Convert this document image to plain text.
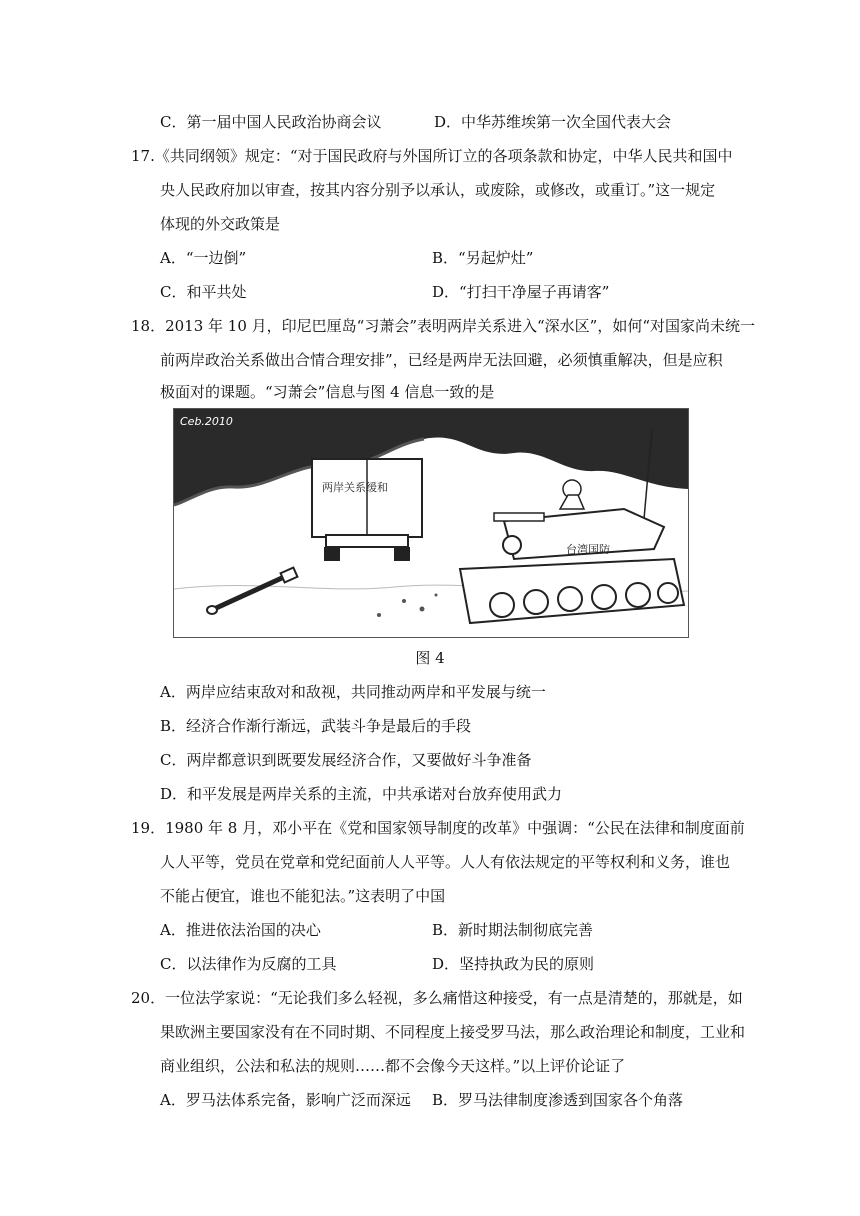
C．第一届中国人民政治协商会议	D．中华苏维埃第一次全国代表大会
17.《共同纲领》规定：“对于国民政府与外国所订立的各项条款和协定，中华人民共和国中
央人民政府加以审查，按其内容分别予以承认，或废除，或修改，或重订。”这一规定
体现的外交政策是
A．“一边倒”	B．“另起炉灶”
C．和平共处	D．“打扫干净屋子再请客”
18．2013 年 10 月，印尼巴厘岛“习萧会”表明两岸关系进入“深水区”，如何“对国家尚未统一
前两岸政治关系做出合情合理安排”，已经是两岸无法回避，必须慎重解决，但是应积
极面对的课题。“习萧会”信息与图 4 信息一致的是
Ceb.2010
两岸关系缓和
台湾国防
图 4
A．两岸应结束敌对和敌视，共同推动两岸和平发展与统一
B．经济合作渐行渐远，武装斗争是最后的手段
C．两岸都意识到既要发展经济合作，又要做好斗争准备
D．和平发展是两岸关系的主流，中共承诺对台放弃使用武力
19．1980 年 8 月，邓小平在《党和国家领导制度的改革》中强调：“公民在法律和制度面前
人人平等，党员在党章和党纪面前人人平等。人人有依法规定的平等权利和义务，谁也
不能占便宜，谁也不能犯法。”这表明了中国
A．推进依法治国的决心	B．新时期法制彻底完善
C．以法律作为反腐的工具	D．坚持执政为民的原则
20．一位法学家说：“无论我们多么轻视，多么痛惜这种接受，有一点是清楚的，那就是，如
果欧洲主要国家没有在不同时期、不同程度上接受罗马法，那么政治理论和制度，工业和
商业组织，公法和私法的规则……都不会像今天这样。”以上评价论证了
A．罗马法体系完备，影响广泛而深远 B．罗马法律制度渗透到国家各个角落
